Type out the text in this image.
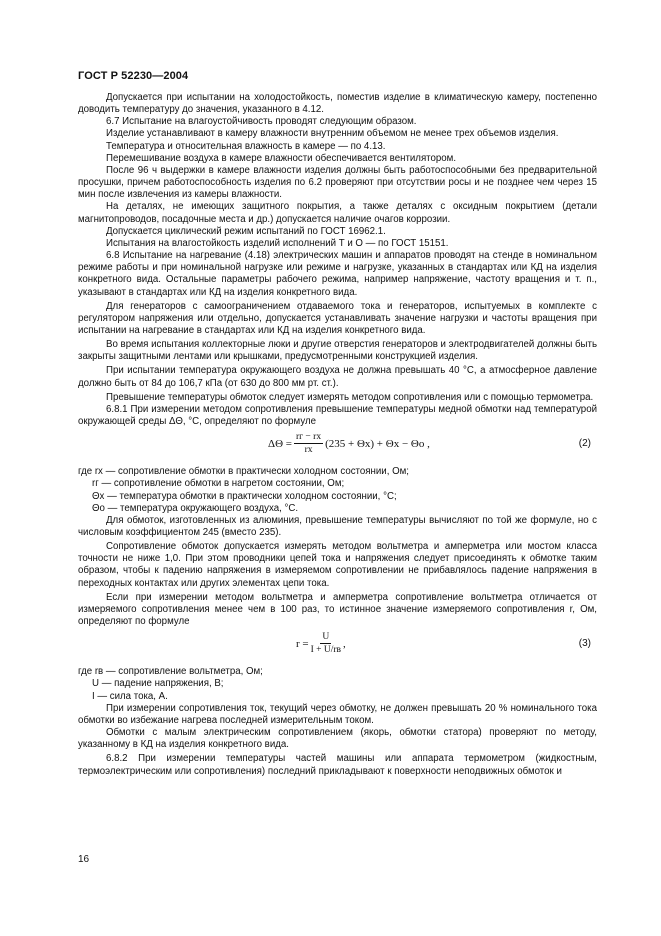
ГОСТ Р 52230—2004

Допускается при испытании на холодостойкость, поместив изделие в климатическую камеру, постепенно доводить температуру до значения, указанного в 4.12.

6.7 Испытание на влагоустойчивость проводят следующим образом.

Изделие устанавливают в камеру влажности внутренним объемом не менее трех объемов изделия.

Температура и относительная влажность в камере — по 4.13.

Перемешивание воздуха в камере влажности обеспечивается вентилятором.

После 96 ч выдержки в камере влажности изделия должны быть работоспособными без предварительной просушки, причем работоспособность изделия по 6.2 проверяют при отсутствии росы и не позднее чем через 15 мин после извлечения из камеры влажности.

На деталях, не имеющих защитного покрытия, а также деталях с оксидным покрытием (детали магнитопроводов, посадочные места и др.) допускается наличие очагов коррозии.

Допускается циклический режим испытаний по ГОСТ 16962.1.

Испытания на влагостойкость изделий исполнений Т и О — по ГОСТ 15151.

6.8 Испытание на нагревание (4.18) электрических машин и аппаратов проводят на стенде в номинальном режиме работы и при номинальной нагрузке или режиме и нагрузке, указанных в стандартах или КД на изделия конкретного вида. Остальные параметры рабочего режима, например напряжение, частоту вращения и т. п., указывают в стандартах или КД на изделия конкретного вида.

Для генераторов с самоограничением отдаваемого тока и генераторов, испытуемых в комплекте с регулятором напряжения или отдельно, допускается устанавливать значение нагрузки и частоты вращения при испытании на нагревание в стандартах или КД на изделия конкретного вида.

Во время испытания коллекторные люки и другие отверстия генераторов и электродвигателей должны быть закрыты защитными лентами или крышками, предусмотренными конструкцией изделия.

При испытании температура окружающего воздуха не должна превышать 40 °С, а атмосферное давление должно быть от 84 до 106,7 кПа (от 630 до 800 мм рт. ст.).

Превышение температуры обмоток следует измерять методом сопротивления или с помощью термометра.

6.8.1 При измерении методом сопротивления превышение температуры медной обмотки над температурой окружающей среды ΔΘ, °С, определяют по формуле

$\Delta\Theta = \frac{rг - rх}{rх} (235 + \Theta х) + \Theta х - \Theta о$ ,	(2)

где rх — сопротивление обмотки в практически холодном состоянии, Ом;

rг — сопротивление обмотки в нагретом состоянии, Ом;

Θх — температура обмотки в практически холодном состоянии, °С;

Θо — температура окружающего воздуха, °С.

Для обмоток, изготовленных из алюминия, превышение температуры вычисляют по той же формуле, но с числовым коэффициентом 245 (вместо 235).

Сопротивление обмоток допускается измерять методом вольтметра и амперметра или мостом класса точности не ниже 1,0. При этом проводники цепей тока и напряжения следует присоединять к обмотке таким образом, чтобы к падению напряжения в измеряемом сопротивлении не прибавлялось падение напряжения в переходных контактах или других элементах цепи тока.

Если при измерении методом вольтметра и амперметра сопротивление вольтметра отличается от измеряемого сопротивления менее чем в 100 раз, то истинное значение измеряемого сопротивления r, Ом, определяют по формуле

$r = \frac{U}{I + U/rв}$ ,	(3)

где rв — сопротивление вольтметра, Ом;

U — падение напряжения, В;

I — сила тока, А.

При измерении сопротивления ток, текущий через обмотку, не должен превышать 20 % номинального тока обмотки во избежание нагрева последней измерительным током.

Обмотки с малым электрическим сопротивлением (якорь, обмотки статора) проверяют по методу, указанному в КД на изделия конкретного вида.

6.8.2 При измерении температуры частей машины или аппарата термометром (жидкостным, термоэлектрическим или сопротивления) последний прикладывают к поверхности неподвижных обмоток и

16
